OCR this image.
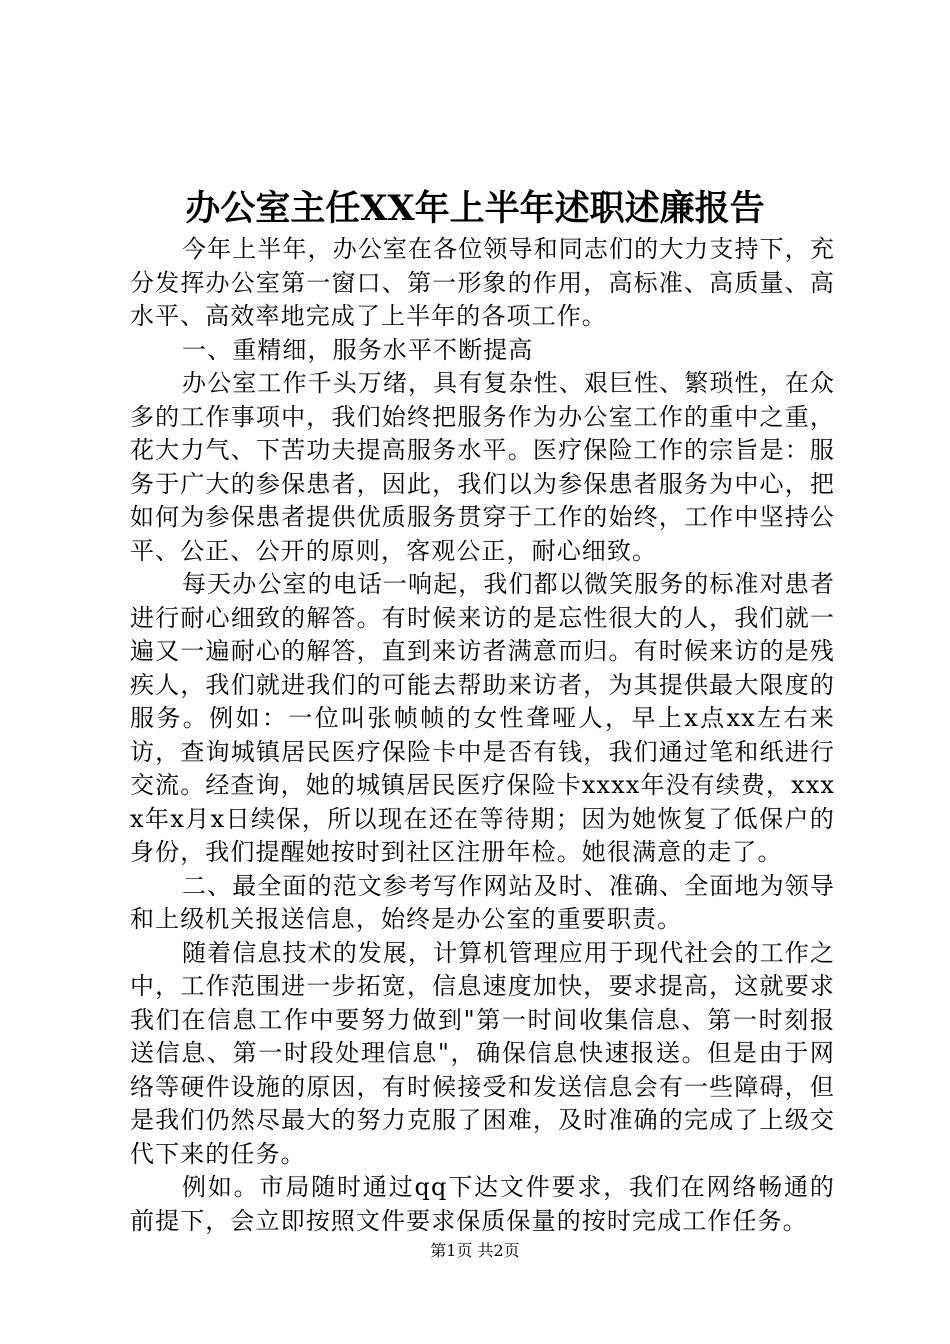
办公室主任XX年上半年述职述廉报告

今年上半年，办公室在各位领导和同志们的大力支持下，充分发挥办公室第一窗口、第一形象的作用，高标准、高质量、高水平、高效率地完成了上半年的各项工作。

一、重精细，服务水平不断提高

办公室工作千头万绪，具有复杂性、艰巨性、繁琐性，在众多的工作事项中，我们始终把服务作为办公室工作的重中之重，花大力气、下苦功夫提高服务水平。医疗保险工作的宗旨是：服务于广大的参保患者，因此，我们以为参保患者服务为中心，把如何为参保患者提供优质服务贯穿于工作的始终，工作中坚持公平、公正、公开的原则，客观公正，耐心细致。

每天办公室的电话一响起，我们都以微笑服务的标准对患者进行耐心细致的解答。有时候来访的是忘性很大的人，我们就一遍又一遍耐心的解答，直到来访者满意而归。有时候来访的是残疾人，我们就进我们的可能去帮助来访者，为其提供最大限度的服务。例如：一位叫张帧帧的女性聋哑人，早上x点xx左右来访，查询城镇居民医疗保险卡中是否有钱，我们通过笔和纸进行交流。经查询，她的城镇居民医疗保险卡xxxx年没有续费，xxxx年x月x日续保，所以现在还在等待期；因为她恢复了低保户的身份，我们提醒她按时到社区注册年检。她很满意的走了。

二、最全面的范文参考写作网站及时、准确、全面地为领导和上级机关报送信息，始终是办公室的重要职责。

随着信息技术的发展，计算机管理应用于现代社会的工作之中，工作范围进一步拓宽，信息速度加快，要求提高，这就要求我们在信息工作中要努力做到"第一时间收集信息、第一时刻报送信息、第一时段处理信息"，确保信息快速报送。但是由于网络等硬件设施的原因，有时候接受和发送信息会有一些障碍，但是我们仍然尽最大的努力克服了困难，及时准确的完成了上级交代下来的任务。

例如。市局随时通过qq下达文件要求，我们在网络畅通的前提下，会立即按照文件要求保质保量的按时完成工作任务。

第1页 共2页
